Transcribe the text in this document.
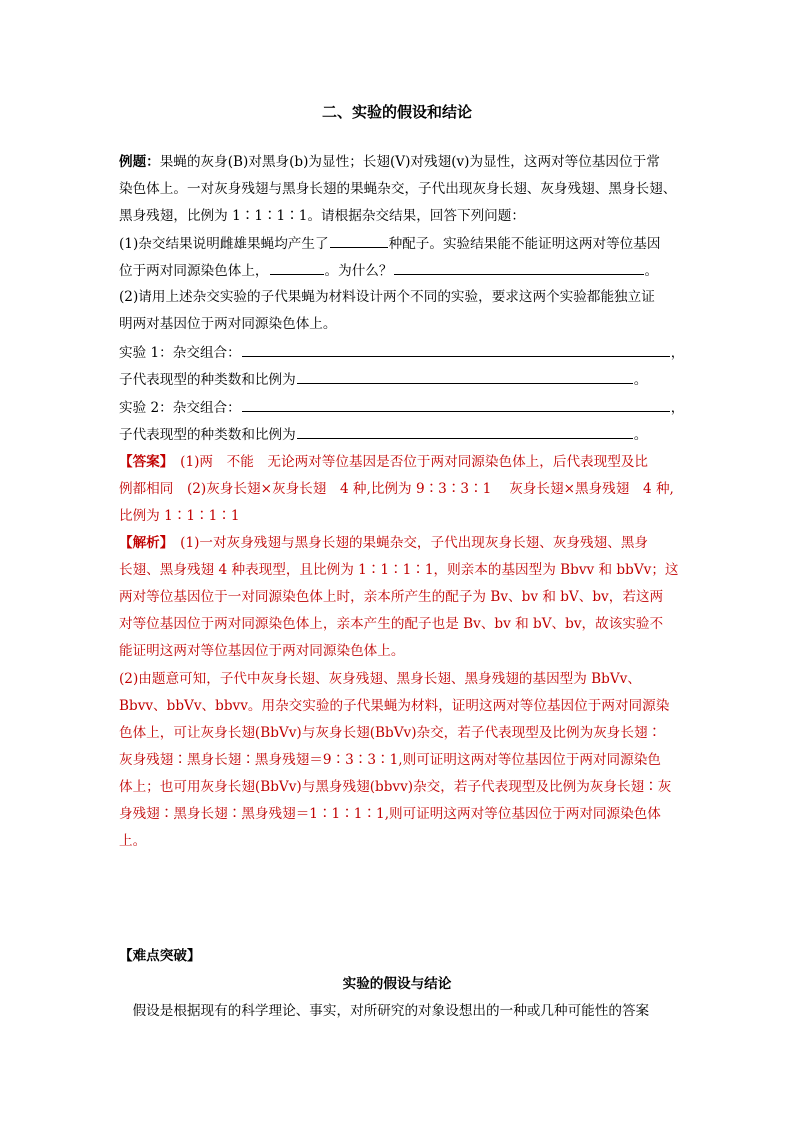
二、实验的假设和结论
例题：果蝇的灰身(B)对黑身(b)为显性；长翅(V)对残翅(v)为显性，这两对等位基因位于常
染色体上。一对灰身残翅与黑身长翅的果蝇杂交，子代出现灰身长翅、灰身残翅、黑身长翅、
黑身残翅，比例为 1∶1∶1∶1。请根据杂交结果，回答下列问题：
(1)杂交结果说明雌雄果蝇均产生了	种配子。实验结果能不能证明这两对等位基因
位于两对同源染色体上，	。为什么？	。
(2)请用上述杂交实验的子代果蝇为材料设计两个不同的实验，要求这两个实验都能独立证
明两对基因位于两对同源染色体上。
实验 1：杂交组合：	，
子代表现型的种类数和比例为	。
实验 2：杂交组合：	，
子代表现型的种类数和比例为	。
【答案】　(1)两　不能　无论两对等位基因是否位于两对同源染色体上，后代表现型及比
例都相同　(2)灰身长翅×灰身长翅　4 种,比例为 9∶3∶3∶1　 灰身长翅×黑身残翅　4 种,
比例为 1∶1∶1∶1
【解析】　(1)一对灰身残翅与黑身长翅的果蝇杂交，子代出现灰身长翅、灰身残翅、黑身
长翅、黑身残翅 4 种表现型，且比例为 1∶1∶1∶1，则亲本的基因型为 Bbvv 和 bbVv；这
两对等位基因位于一对同源染色体上时，亲本所产生的配子为 Bv、bv 和 bV、bv，若这两
对等位基因位于两对同源染色体上，亲本产生的配子也是 Bv、bv 和 bV、bv，故该实验不
能证明这两对等位基因位于两对同源染色体上。
(2)由题意可知，子代中灰身长翅、灰身残翅、黑身长翅、黑身残翅的基因型为 BbVv、
Bbvv、bbVv、bbvv。用杂交实验的子代果蝇为材料，证明这两对等位基因位于两对同源染
色体上，可让灰身长翅(BbVv)与灰身长翅(BbVv)杂交，若子代表现型及比例为灰身长翅∶
灰身残翅∶黑身长翅∶黑身残翅＝9∶3∶3∶1,则可证明这两对等位基因位于两对同源染色
体上；也可用灰身长翅(BbVv)与黑身残翅(bbvv)杂交，若子代表现型及比例为灰身长翅∶灰
身残翅∶黑身长翅∶黑身残翅＝1∶1∶1∶1,则可证明这两对等位基因位于两对同源染色体
上。
【难点突破】
实验的假设与结论
　假设是根据现有的科学理论、事实，对所研究的对象设想出的一种或几种可能性的答案
